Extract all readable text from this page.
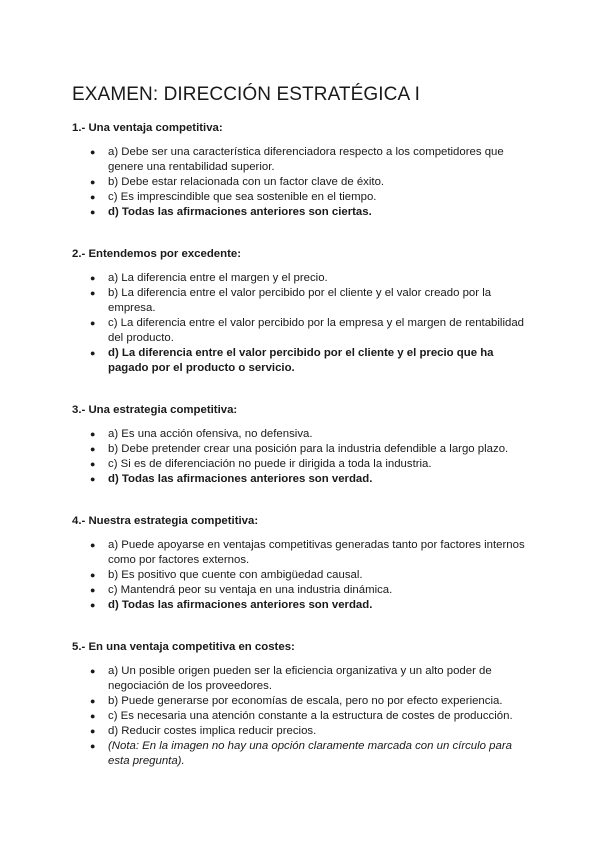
EXAMEN: DIRECCIÓN ESTRATÉGICA I
1.- Una ventaja competitiva:
● a) Debe ser una característica diferenciadora respecto a los competidores que genere una rentabilidad superior.
● b) Debe estar relacionada con un factor clave de éxito.
● c) Es imprescindible que sea sostenible en el tiempo.
● d) Todas las afirmaciones anteriores son ciertas.
2.- Entendemos por excedente:
● a) La diferencia entre el margen y el precio.
● b) La diferencia entre el valor percibido por el cliente y el valor creado por la empresa.
● c) La diferencia entre el valor percibido por la empresa y el margen de rentabilidad del producto.
● d) La diferencia entre el valor percibido por el cliente y el precio que ha pagado por el producto o servicio.
3.- Una estrategia competitiva:
● a) Es una acción ofensiva, no defensiva.
● b) Debe pretender crear una posición para la industria defendible a largo plazo.
● c) Si es de diferenciación no puede ir dirigida a toda la industria.
● d) Todas las afirmaciones anteriores son verdad.
4.- Nuestra estrategia competitiva:
● a) Puede apoyarse en ventajas competitivas generadas tanto por factores internos como por factores externos.
● b) Es positivo que cuente con ambigüedad causal.
● c) Mantendrá peor su ventaja en una industria dinámica.
● d) Todas las afirmaciones anteriores son verdad.
5.- En una ventaja competitiva en costes:
● a) Un posible origen pueden ser la eficiencia organizativa y un alto poder de negociación de los proveedores.
● b) Puede generarse por economías de escala, pero no por efecto experiencia.
● c) Es necesaria una atención constante a la estructura de costes de producción.
● d) Reducir costes implica reducir precios.
● (Nota: En la imagen no hay una opción claramente marcada con un círculo para esta pregunta).
